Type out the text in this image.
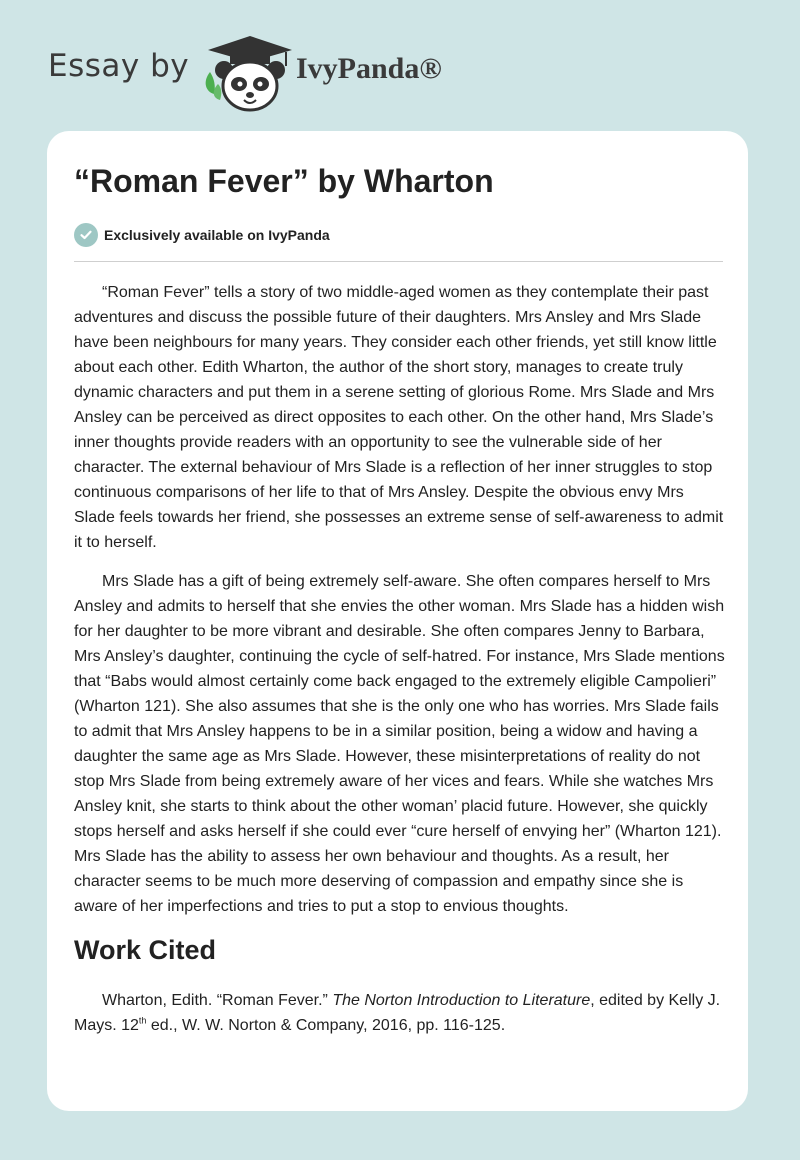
Essay by	IvyPanda®
“Roman Fever” by Wharton
Exclusively available on IvyPanda

“Roman Fever” tells a story of two middle-aged women as they contemplate their past adventures and discuss the possible future of their daughters. Mrs Ansley and Mrs Slade have been neighbours for many years. They consider each other friends, yet still know little about each other. Edith Wharton, the author of the short story, manages to create truly dynamic characters and put them in a serene setting of glorious Rome. Mrs Slade and Mrs Ansley can be perceived as direct opposites to each other. On the other hand, Mrs Slade’s inner thoughts provide readers with an opportunity to see the vulnerable side of her character. The external behaviour of Mrs Slade is a reflection of her inner struggles to stop continuous comparisons of her life to that of Mrs Ansley. Despite the obvious envy Mrs Slade feels towards her friend, she possesses an extreme sense of self-awareness to admit it to herself.

Mrs Slade has a gift of being extremely self-aware. She often compares herself to Mrs Ansley and admits to herself that she envies the other woman. Mrs Slade has a hidden wish for her daughter to be more vibrant and desirable. She often compares Jenny to Barbara, Mrs Ansley’s daughter, continuing the cycle of self-hatred. For instance, Mrs Slade mentions that “Babs would almost certainly come back engaged to the extremely eligible Campolieri” (Wharton 121). She also assumes that she is the only one who has worries. Mrs Slade fails to admit that Mrs Ansley happens to be in a similar position, being a widow and having a daughter the same age as Mrs Slade. However, these misinterpretations of reality do not stop Mrs Slade from being extremely aware of her vices and fears. While she watches Mrs Ansley knit, she starts to think about the other woman’ placid future. However, she quickly stops herself and asks herself if she could ever “cure herself of envying her” (Wharton 121). Mrs Slade has the ability to assess her own behaviour and thoughts. As a result, her character seems to be much more deserving of compassion and empathy since she is aware of her imperfections and tries to put a stop to envious thoughts.

Work Cited

Wharton, Edith. “Roman Fever.” The Norton Introduction to Literature, edited by Kelly J. Mays. 12th ed., W. W. Norton & Company, 2016, pp. 116-125.
